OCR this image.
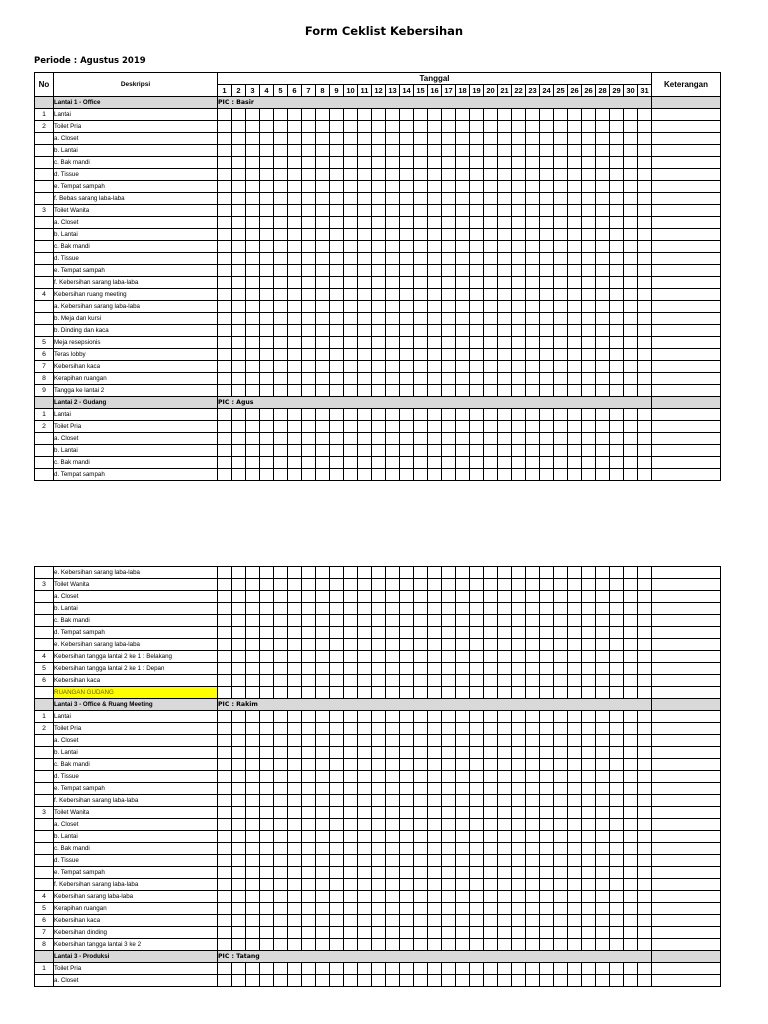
Form Ceklist Kebersihan
Periode : Agustus 2019
No	Deskripsi	Tanggal																															Keterangan
		1	2	3	4	5	6	7	8	9	10	11	12	13	14	15	16	17	18	19	20	21	22	23	24	25	26	26	28	29	30	31	
	Lantai 1 - Office	PIC : Basir																															
1	Lantai																																
2	Toilet Pria																																
	a. Closet																																
	b. Lantai																																
	c. Bak mandi																																
	d. Tissue																																
	e. Tempat sampah																																
	f. Bebas sarang laba-laba																																
3	Toilet Wanita																																
	a. Closet																																
	b. Lantai																																
	c. Bak mandi																																
	d. Tissue																																
	e. Tempat sampah																																
	f. Kebersihan sarang laba-laba																																
4	Kebersihan ruang meeting																																
	a. Kebersihan sarang laba-laba																																
	b. Meja dan kursi																																
	b. Dinding dan kaca																																
5	Meja resepsionis																																
6	Teras lobby																																
7	Kebersihan kaca																																
8	Kerapihan ruangan																																
9	Tangga ke lantai 2																																
	Lantai 2 - Gudang	PIC : Agus																															
1	Lantai																																
2	Toilet Pria																																
	a. Closet																																
	b. Lantai																																
	c. Bak mandi																																
	d. Tempat sampah																																
	e. Kebersihan sarang laba-laba																																
3	Toilet Wanita																																
	a. Closet																																
	b. Lantai																																
	c. Bak mandi																																
	d. Tempat sampah																																
	e. Kebersihan sarang laba-laba																																
4	Kebersihan tangga lantai 2 ke 1 : Belakang																																
5	Kebersihan tangga lantai 2 ke 1 : Depan																																
6	Kebersihan kaca																																
	RUANGAN GUDANG																																
	Lantai 3 - Office & Ruang Meeting	PIC : Rakim																															
1	Lantai																																
2	Toilet Pria																																
	a. Closet																																
	b. Lantai																																
	c. Bak mandi																																
	d. Tissue																																
	e. Tempat sampah																																
	f. Kebersihan sarang laba-laba																																
3	Toilet Wanita																																
	a. Closet																																
	b. Lantai																																
	c. Bak mandi																																
	d. Tissue																																
	e. Tempat sampah																																
	f. Kebersihan sarang laba-laba																																
4	Kebersihan sarang laba-laba																																
5	Kerapihan ruangan																																
6	Kebersihan kaca																																
7	Kebersihan dinding																																
8	Kebersihan tangga lantai 3 ke 2																																
	Lantai 3 - Produksi	PIC : Tatang																															
1	Toilet Pria																																
	a. Closet																																
